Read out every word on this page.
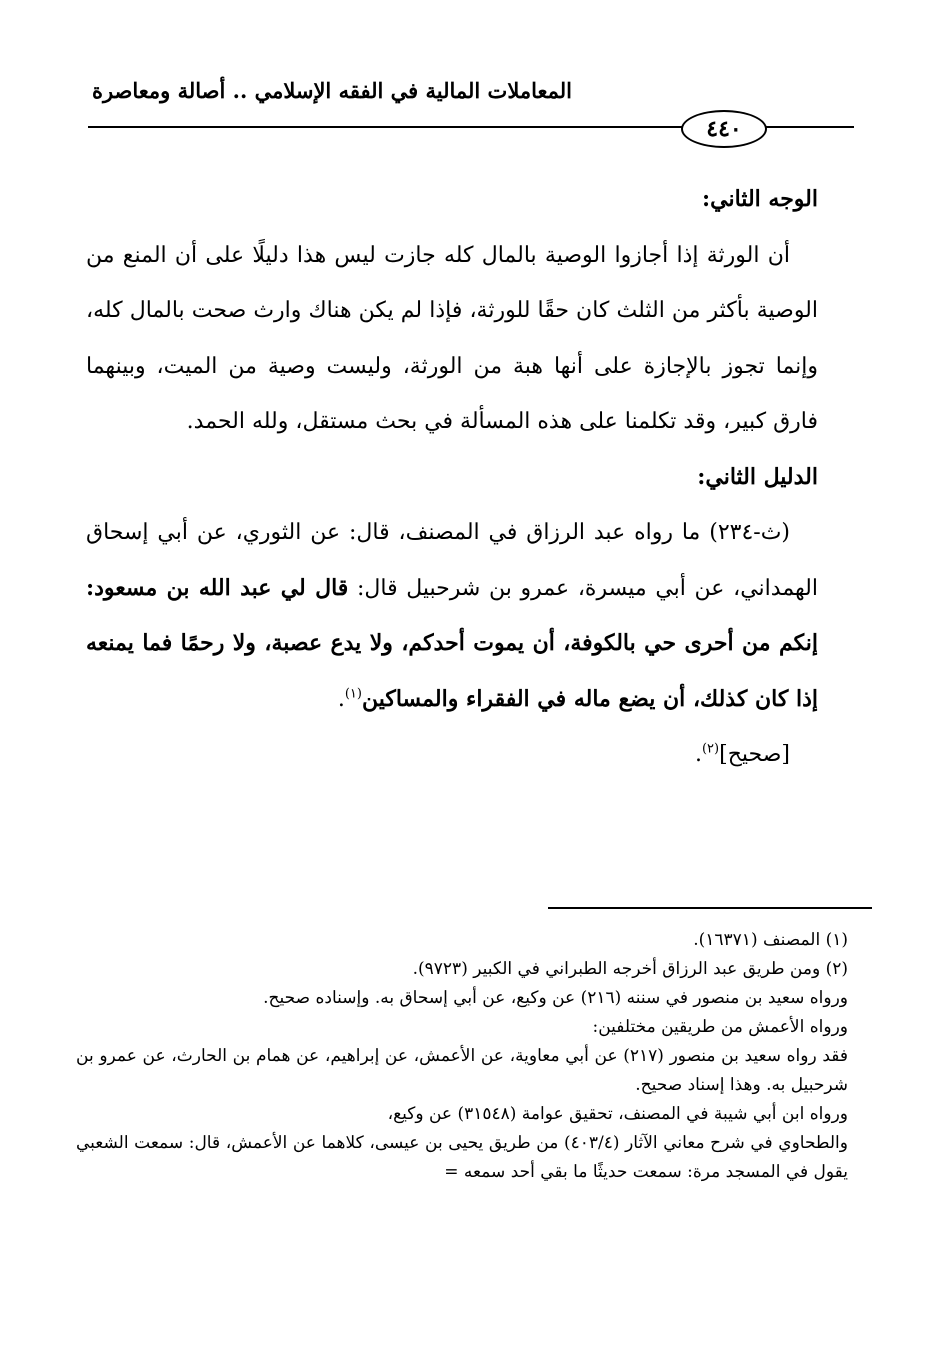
المعاملات المالية في الفقه الإسلامي .. أصالة ومعاصرة
٤٤٠

الوجه الثاني:

أن الورثة إذا أجازوا الوصية بالمال كله جازت ليس هذا دليلًا على أن المنع من الوصية بأكثر من الثلث كان حقًا للورثة، فإذا لم يكن هناك وارث صحت بالمال كله، وإنما تجوز بالإجازة على أنها هبة من الورثة، وليست وصية من الميت، وبينهما فارق كبير، وقد تكلمنا على هذه المسألة في بحث مستقل، ولله الحمد.

الدليل الثاني:

(ث-٢٣٤) ما رواه عبد الرزاق في المصنف، قال: عن الثوري، عن أبي إسحاق الهمداني، عن أبي ميسرة، عمرو بن شرحبيل قال: قال لي عبد الله بن مسعود: إنكم من أحرى حي بالكوفة، أن يموت أحدكم، ولا يدع عصبة، ولا رحمًا فما يمنعه إذا كان كذلك، أن يضع ماله في الفقراء والمساكين$^{(١)}$.

[صحيح]$^{(٢)}$.

(١) المصنف (١٦٣٧١).

(٢) ومن طريق عبد الرزاق أخرجه الطبراني في الكبير (٩٧٢٣).

ورواه سعيد بن منصور في سننه (٢١٦) عن وكيع، عن أبي إسحاق به. وإسناده صحيح.

ورواه الأعمش من طريقين مختلفين:

فقد رواه سعيد بن منصور (٢١٧) عن أبي معاوية، عن الأعمش، عن إبراهيم، عن همام بن الحارث، عن عمرو بن شرحبيل به. وهذا إسناد صحيح.

ورواه ابن أبي شيبة في المصنف، تحقيق عوامة (٣١٥٤٨) عن وكيع،

والطحاوي في شرح معاني الآثار (٤٠٣/٤) من طريق يحيى بن عيسى، كلاهما عن الأعمش، قال: سمعت الشعبي يقول في المسجد مرة: سمعت حديثًا ما بقي أحد سمعه =
